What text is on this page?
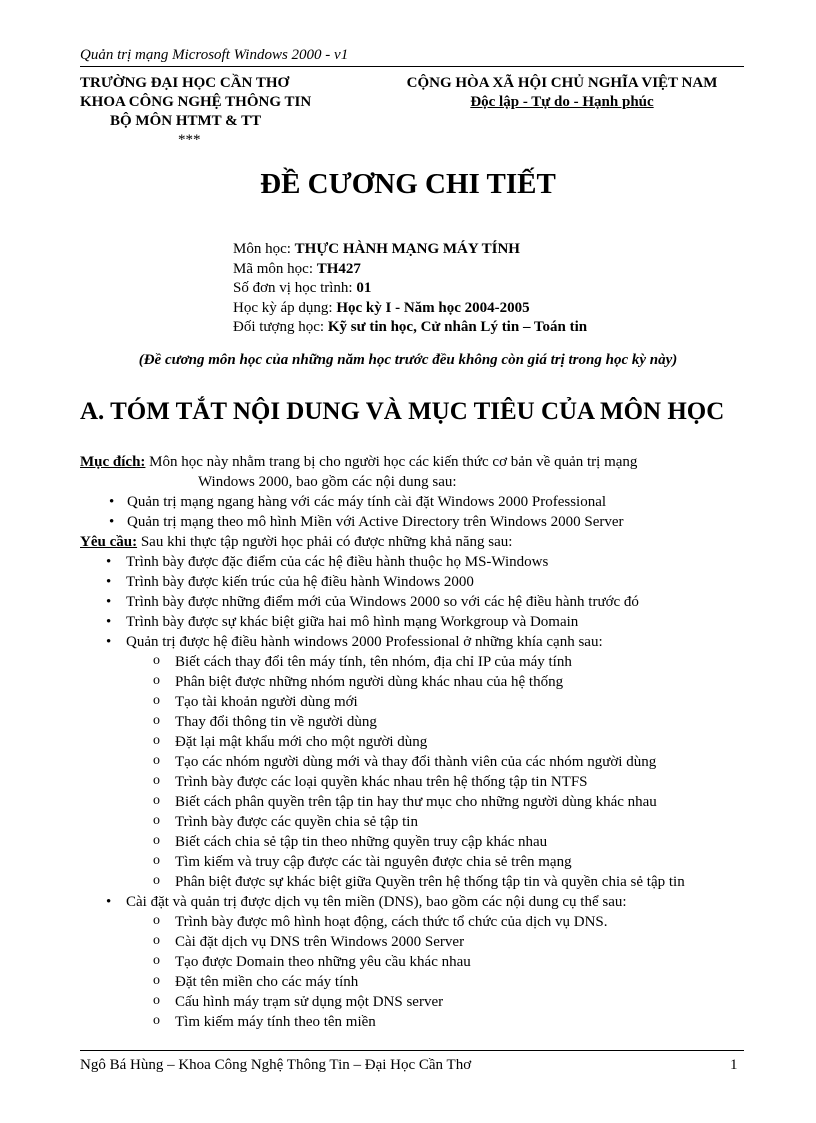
Quản trị mạng Microsoft Windows 2000 - v1
TRƯỜNG ĐẠI HỌC CẦN THƠ
KHOA CÔNG NGHỆ THÔNG TIN
BỘ MÔN HTMT & TT
***
CỘNG HÒA XÃ HỘI CHỦ NGHĨA VIỆT NAM
Độc lập - Tự do - Hạnh phúc
ĐỀ CƯƠNG CHI TIẾT
Môn học: THỰC HÀNH MẠNG MÁY TÍNH
Mã môn học: TH427
Số đơn vị học trình: 01
Học kỳ áp dụng: Học kỳ I - Năm học 2004-2005
Đối tượng học: Kỹ sư tin học, Cử nhân Lý tin – Toán tin
(Đề cương môn học của những năm học trước đều không còn giá trị trong học kỳ này)
A. TÓM TẮT NỘI DUNG VÀ MỤC TIÊU CỦA MÔN HỌC
Mục đích: Môn học này nhằm trang bị cho người học các kiến thức cơ bản về quản trị mạng
Windows 2000, bao gồm các nội dung sau:
• Quản trị mạng ngang hàng với các máy tính cài đặt Windows 2000 Professional
• Quản trị mạng theo mô hình Miền với Active Directory trên Windows 2000 Server
Yêu cầu: Sau khi thực tập người học phải có được những khả năng sau:
• Trình bày được đặc điểm của các hệ điều hành thuộc họ MS-Windows
• Trình bày được kiến trúc của hệ điều hành Windows 2000
• Trình bày được những điểm mới của Windows 2000 so với các hệ điều hành trước đó
• Trình bày được sự khác biệt giữa hai mô hình mạng Workgroup và Domain
• Quản trị được hệ điều hành windows 2000 Professional ở những khía cạnh sau:
o Biết cách thay đổi tên máy tính, tên nhóm, địa chỉ IP của máy tính
o Phân biệt được những nhóm người dùng khác nhau của hệ thống
o Tạo tài khoản người dùng mới
o Thay đổi thông tin về người dùng
o Đặt lại mật khẩu mới cho một người dùng
o Tạo các nhóm người dùng mới và thay đổi thành viên của các nhóm người dùng
o Trình bày được các loại quyền khác nhau trên hệ thống tập tin NTFS
o Biết cách phân quyền trên tập tin hay thư mục cho những người dùng khác nhau
o Trình bày được các quyền chia sẻ tập tin
o Biết cách chia sẻ tập tin theo những quyền truy cập khác nhau
o Tìm kiếm và truy cập được các tài nguyên được chia sẻ trên mạng
o Phân biệt được sự khác biệt giữa Quyền trên hệ thống tập tin và quyền chia sẻ tập tin
• Cài đặt và quản trị được dịch vụ tên miền (DNS), bao gồm các nội dung cụ thể sau:
o Trình bày được mô hình hoạt động, cách thức tổ chức của dịch vụ DNS.
o Cài đặt dịch vụ DNS trên Windows 2000 Server
o Tạo được Domain theo những yêu cầu khác nhau
o Đặt tên miền cho các máy tính
o Cấu hình máy trạm sử dụng một DNS server
o Tìm kiếm máy tính theo tên miền
Ngô Bá Hùng – Khoa Công Nghệ Thông Tin – Đại Học Cần Thơ	1
